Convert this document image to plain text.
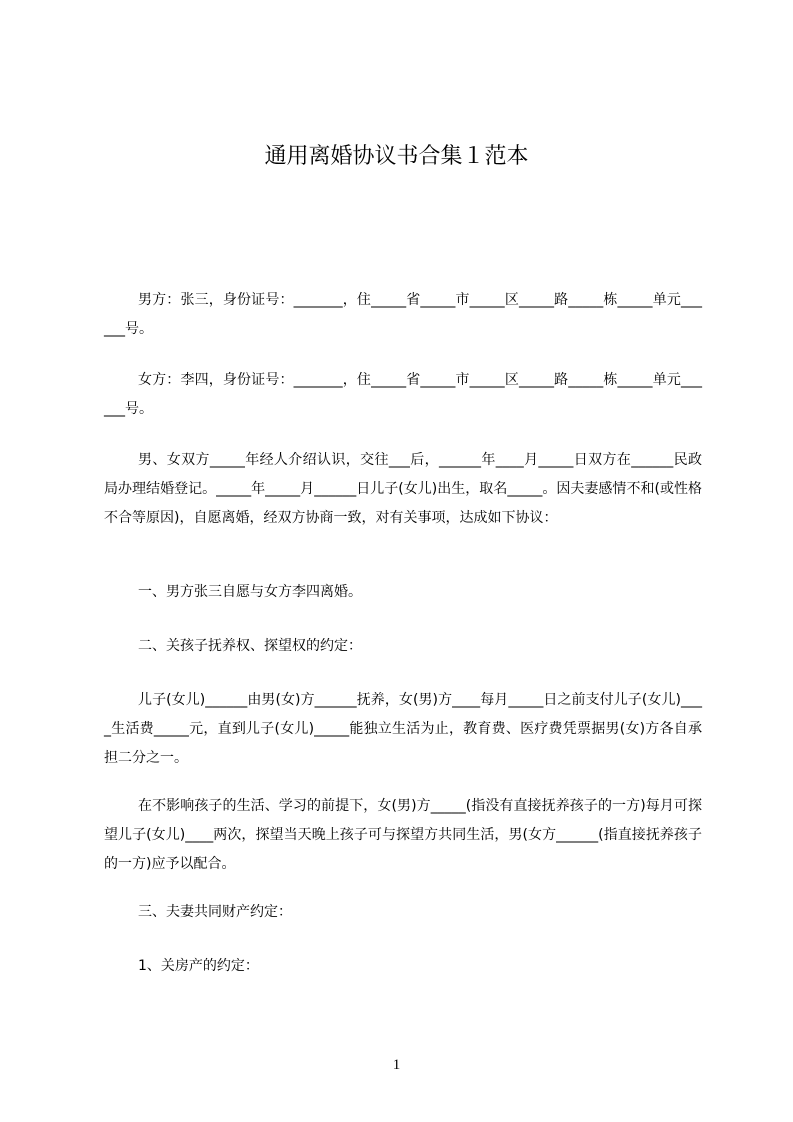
通用离婚协议书合集１范本

男方：张三，身份证号：_______，住_____省_____市_____区_____路_____栋_____单元______号。

女方：李四，身份证号：_______，住_____省_____市_____区_____路_____栋_____单元______号。

男、女双方_____年经人介绍认识，交往___后，______年____月_____日双方在______民政局办理结婚登记。_____年_____月______日儿子(女儿)出生，取名_____。因夫妻感情不和(或性格不合等原因)，自愿离婚，经双方协商一致，对有关事项，达成如下协议：

一、男方张三自愿与女方李四离婚。

二、关孩子抚养权、探望权的约定：

儿子(女儿)______由男(女)方______抚养，女(男)方____每月_____日之前支付儿子(女儿)____生活费_____元，直到儿子(女儿)_____能独立生活为止，教育费、医疗费凭票据男(女)方各自承担二分之一。

在不影响孩子的生活、学习的前提下，女(男)方_____(指没有直接抚养孩子的一方)每月可探望儿子(女儿)____两次，探望当天晚上孩子可与探望方共同生活，男(女方______(指直接抚养孩子的一方)应予以配合。

三、夫妻共同财产约定：

1、关房产的约定：

1
